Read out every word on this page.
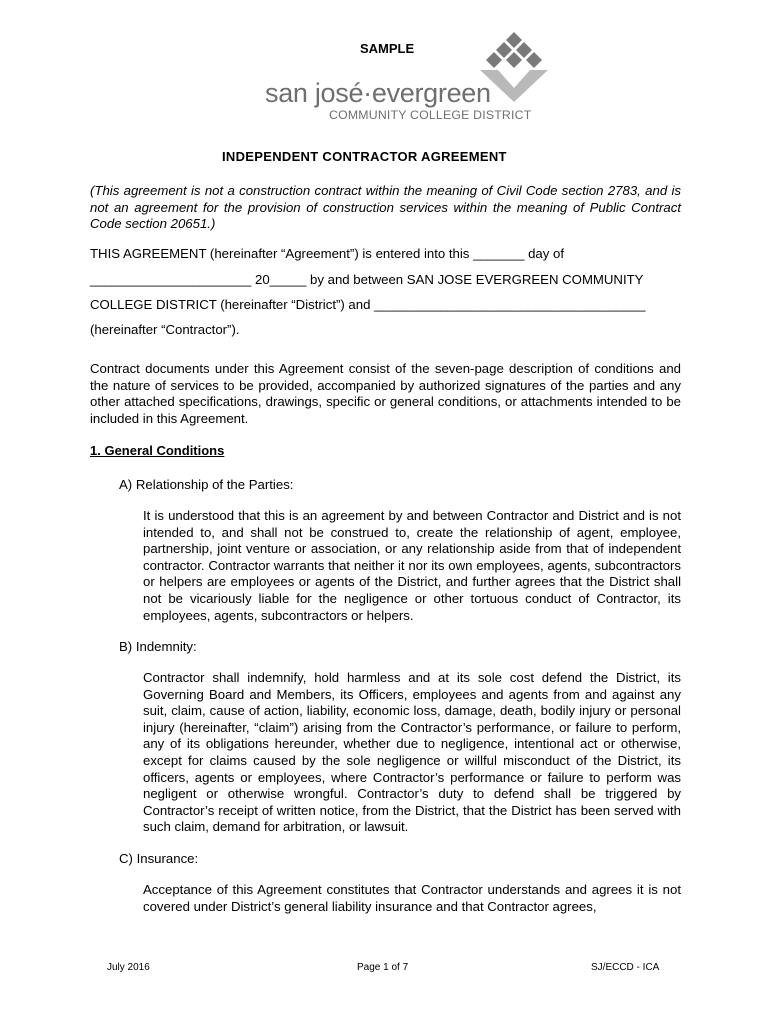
SAMPLE
san josé·evergreen
COMMUNITY COLLEGE DISTRICT
INDEPENDENT CONTRACTOR AGREEMENT
(This agreement is not a construction contract within the meaning of Civil Code section 2783, and is not an agreement for the provision of construction services within the meaning of Public Contract Code section 20651.)
THIS AGREEMENT (hereinafter “Agreement”) is entered into this _______ day of
______________________ 20_____ by and between SAN JOSE EVERGREEN COMMUNITY
COLLEGE DISTRICT (hereinafter “District”) and _____________________________________
(hereinafter “Contractor”).
Contract documents under this Agreement consist of the seven-page description of conditions and the nature of services to be provided, accompanied by authorized signatures of the parties and any other attached specifications, drawings, specific or general conditions, or attachments intended to be included in this Agreement.
1. General Conditions
A) Relationship of the Parties:
It is understood that this is an agreement by and between Contractor and District and is not intended to, and shall not be construed to, create the relationship of agent, employee, partnership, joint venture or association, or any relationship aside from that of independent contractor. Contractor warrants that neither it nor its own employees, agents, subcontractors or helpers are employees or agents of the District, and further agrees that the District shall not be vicariously liable for the negligence or other tortuous conduct of Contractor, its employees, agents, subcontractors or helpers.
B) Indemnity:
Contractor shall indemnify, hold harmless and at its sole cost defend the District, its Governing Board and Members, its Officers, employees and agents from and against any suit, claim, cause of action, liability, economic loss, damage, death, bodily injury or personal injury (hereinafter, “claim”) arising from the Contractor’s performance, or failure to perform, any of its obligations hereunder, whether due to negligence, intentional act or otherwise, except for claims caused by the sole negligence or willful misconduct of the District, its officers, agents or employees, where Contractor’s performance or failure to perform was negligent or otherwise wrongful. Contractor’s duty to defend shall be triggered by Contractor’s receipt of written notice, from the District, that the District has been served with such claim, demand for arbitration, or lawsuit.
C) Insurance:
Acceptance of this Agreement constitutes that Contractor understands and agrees it is not covered under District’s general liability insurance and that Contractor agrees,
July 2016	Page 1 of 7	SJ/ECCD - ICA
